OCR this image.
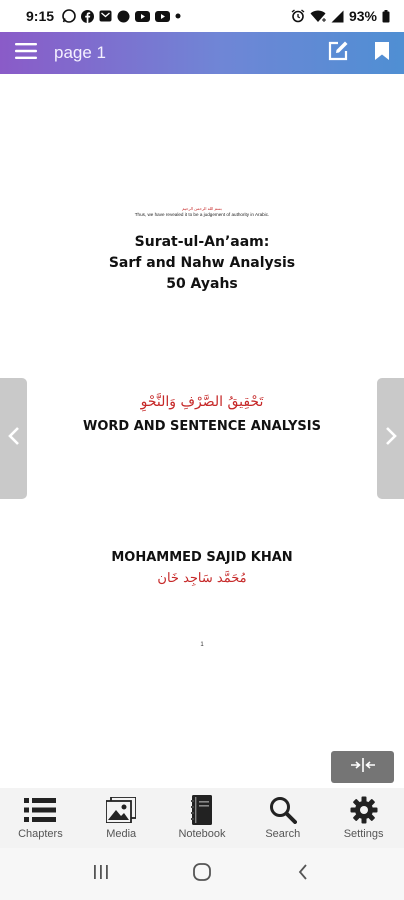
9:15	93%
page 1
بسم الله الرحمن الرحيم
Thus, we have revealed it to be a judgement of authority in Arabic.
Surat-ul-An’aam:
Sarf and Nahw Analysis
50 Ayahs
تَحْقِيقُ الصَّرْفِ وَالنَّحْوِ
WORD AND SENTENCE ANALYSIS
MOHAMMED SAJID KHAN
مُحَمَّد سَاجِد خَان
1
Chapters	Media	Notebook	Search	Settings
